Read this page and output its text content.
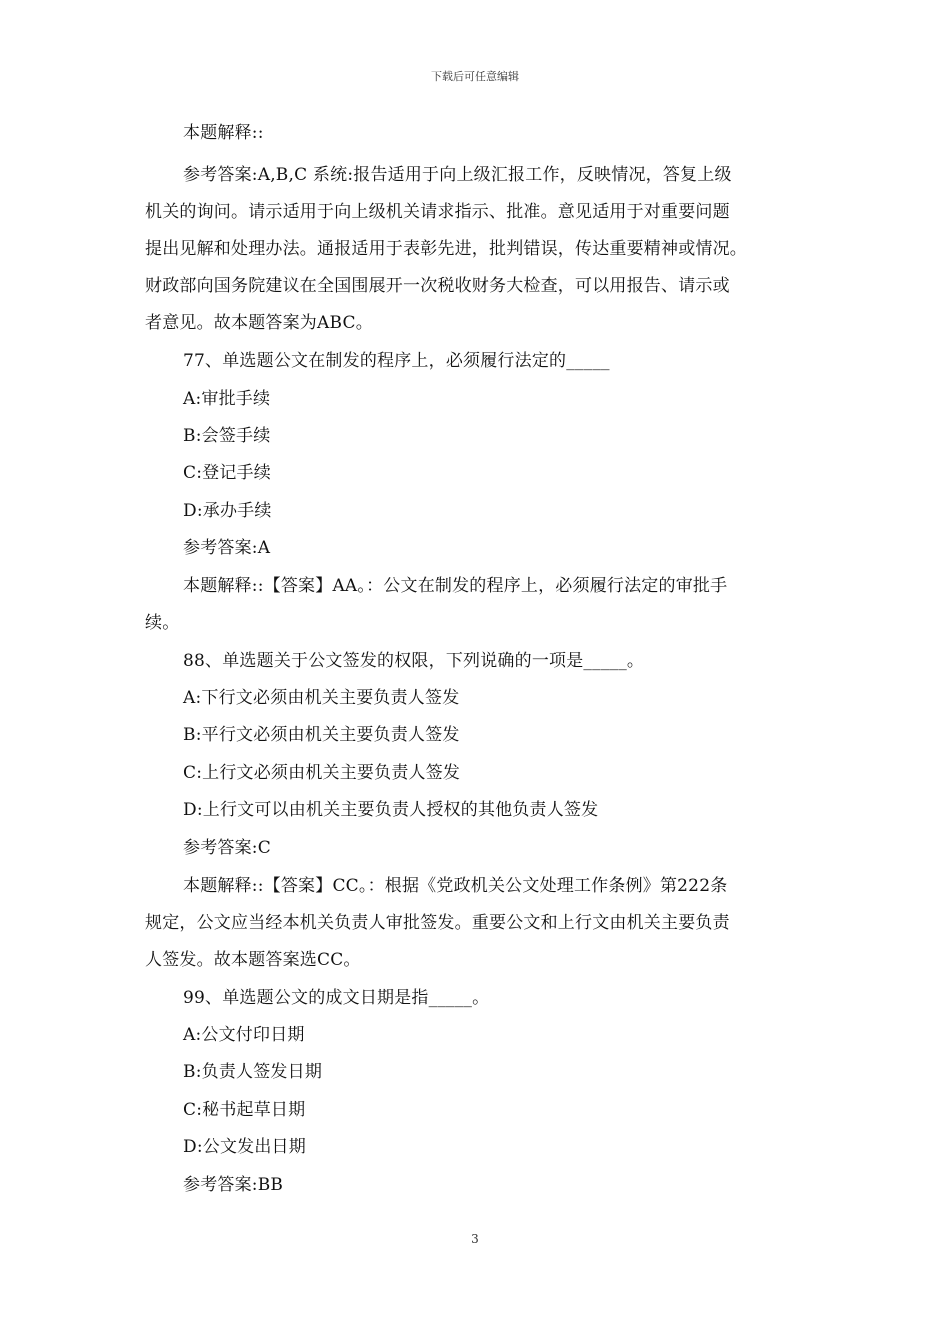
下载后可任意编辑
本题解释::
参考答案:A,B,C 系统:报告适用于向上级汇报工作，反映情况，答复上级
机关的询问。请示适用于向上级机关请求指示、批准。意见适用于对重要问题
提出见解和处理办法。通报适用于表彰先进，批判错误，传达重要精神或情况。
财政部向国务院建议在全国围展开一次税收财务大检查，可以用报告、请示或
者意见。故本题答案为ABC。
77、单选题公文在制发的程序上，必须履行法定的_____
A:审批手续
B:会签手续
C:登记手续
D:承办手续
参考答案:A
本题解释::【答案】AA。：公文在制发的程序上，必须履行法定的审批手
续。
88、单选题关于公文签发的权限，下列说确的一项是_____。
A:下行文必须由机关主要负责人签发
B:平行文必须由机关主要负责人签发
C:上行文必须由机关主要负责人签发
D:上行文可以由机关主要负责人授权的其他负责人签发
参考答案:C
本题解释::【答案】CC。：根据《党政机关公文处理工作条例》第222条
规定，公文应当经本机关负责人审批签发。重要公文和上行文由机关主要负责
人签发。故本题答案选CC。
99、单选题公文的成文日期是指_____。
A:公文付印日期
B:负责人签发日期
C:秘书起草日期
D:公文发出日期
参考答案:BB
3
